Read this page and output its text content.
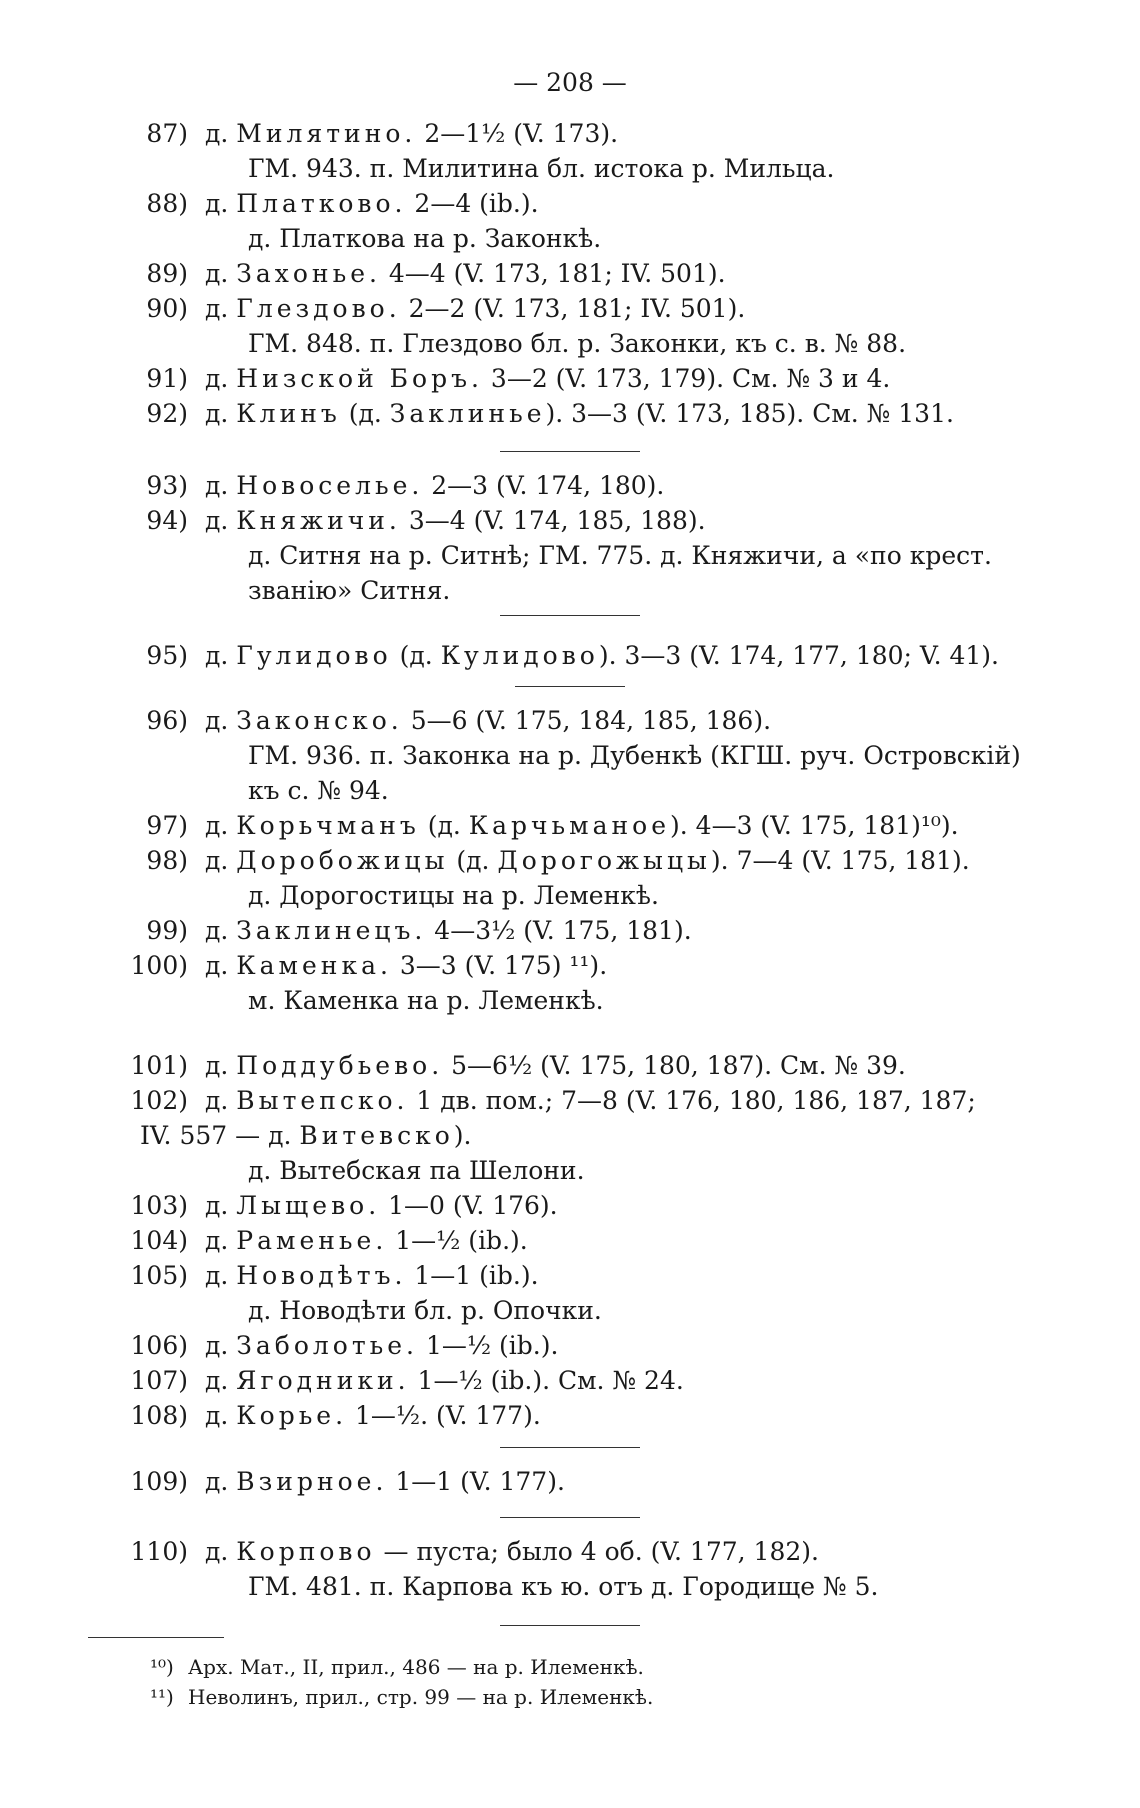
— 208 —
87) д. Милятино. 2—1½ (V. 173).
ГМ. 943. п. Милитина бл. истока р. Мильца.
88) д. Платково. 2—4 (ib.).
д. Платкова на р. Законкѣ.
89) д. Захонье. 4—4 (V. 173, 181; IV. 501).
90) д. Глездово. 2—2 (V. 173, 181; IV. 501).
ГМ. 848. п. Глездово бл. р. Законки, къ с. в. № 88.
91) д. Низской Боръ. 3—2 (V. 173, 179). См. № 3 и 4.
92) д. Клинъ (д. Заклинье). 3—3 (V. 173, 185). См. № 131.
93) д. Новоселье. 2—3 (V. 174, 180).
94) д. Княжичи. 3—4 (V. 174, 185, 188).
д. Ситня на р. Ситнѣ; ГМ. 775. д. Княжичи, а «по крест.
званію» Ситня.
95) д. Гулидово (д. Кулидово). 3—3 (V. 174, 177, 180; V. 41).
96) д. Законско. 5—6 (V. 175, 184, 185, 186).
ГМ. 936. п. Законка на р. Дубенкѣ (КГШ. руч. Островскій)
къ с. № 94.
97) д. Корьчманъ (д. Карчьманое). 4—3 (V. 175, 181)¹⁰).
98) д. Доробожицы (д. Дорогожыцы). 7—4 (V. 175, 181).
д. Дорогостицы на р. Леменкѣ.
99) д. Заклинецъ. 4—3½ (V. 175, 181).
100) д. Каменка. 3—3 (V. 175) ¹¹).
м. Каменка на р. Леменкѣ.
101) д. Поддубьево. 5—6½ (V. 175, 180, 187). См. № 39.
102) д. Вытепско. 1 дв. пом.; 7—8 (V. 176, 180, 186, 187, 187;
IV. 557 — д. Витевско).
д. Вытебская па Шелони.
103) д. Лыщево. 1—0 (V. 176).
104) д. Раменье. 1—½ (ib.).
105) д. Новодѣтъ. 1—1 (ib.).
д. Новодѣти бл. р. Опочки.
106) д. Заболотье. 1—½ (ib.).
107) д. Ягодники. 1—½ (ib.). См. № 24.
108) д. Корье. 1—½. (V. 177).
109) д. Взирное. 1—1 (V. 177).
110) д. Корпово — пуста; было 4 об. (V. 177, 182).
ГМ. 481. п. Карпова къ ю. отъ д. Городище № 5.
¹⁰) Арх. Мат., II, прил., 486 — на р. Илеменкѣ.
¹¹) Неволинъ, прил., стр. 99 — на р. Илеменкѣ.
